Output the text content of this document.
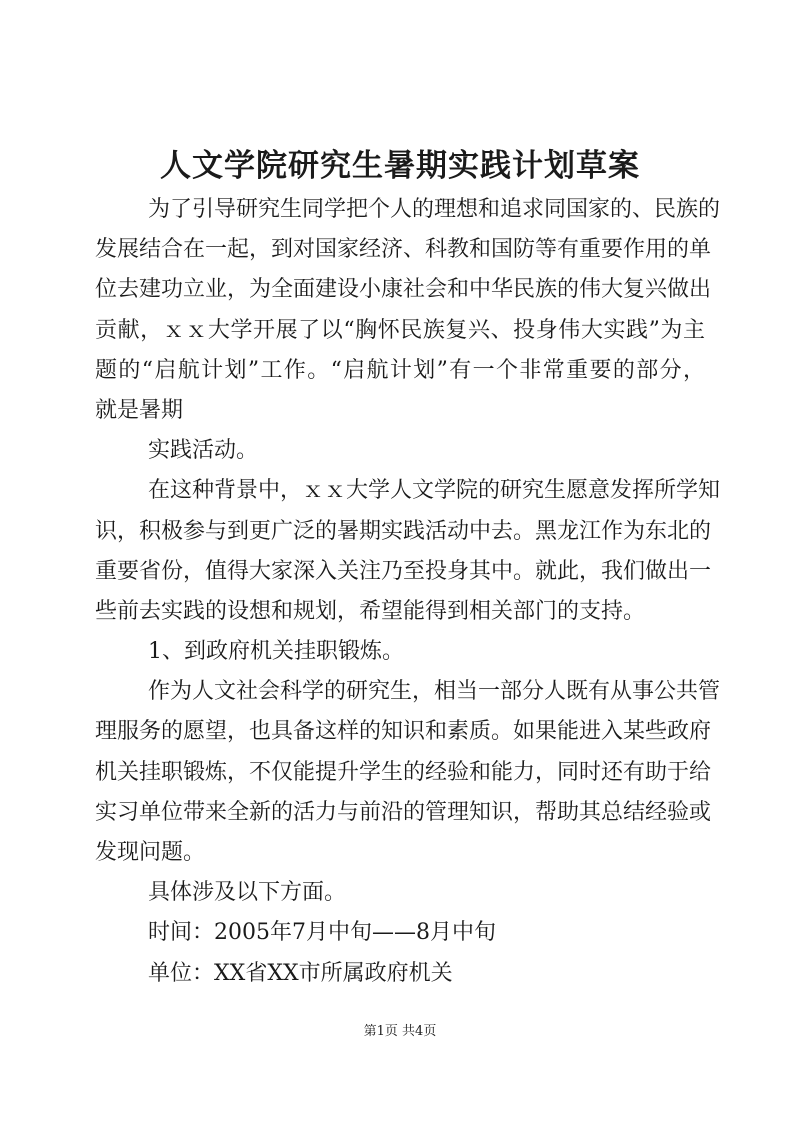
人文学院研究生暑期实践计划草案
为了引导研究生同学把个人的理想和追求同国家的、民族的
发展结合在一起，到对国家经济、科教和国防等有重要作用的单
位去建功立业，为全面建设小康社会和中华民族的伟大复兴做出
贡献，ｘｘ大学开展了以“胸怀民族复兴、投身伟大实践”为主
题的“启航计划”工作。“启航计划”有一个非常重要的部分，
就是暑期
实践活动。
在这种背景中，ｘｘ大学人文学院的研究生愿意发挥所学知
识，积极参与到更广泛的暑期实践活动中去。黑龙江作为东北的
重要省份，值得大家深入关注乃至投身其中。就此，我们做出一
些前去实践的设想和规划，希望能得到相关部门的支持。
1、到政府机关挂职锻炼。
作为人文社会科学的研究生，相当一部分人既有从事公共管
理服务的愿望，也具备这样的知识和素质。如果能进入某些政府
机关挂职锻炼，不仅能提升学生的经验和能力，同时还有助于给
实习单位带来全新的活力与前沿的管理知识，帮助其总结经验或
发现问题。
具体涉及以下方面。
时间：2005年7月中旬——8月中旬
单位：XX省XX市所属政府机关
第1页 共4页
